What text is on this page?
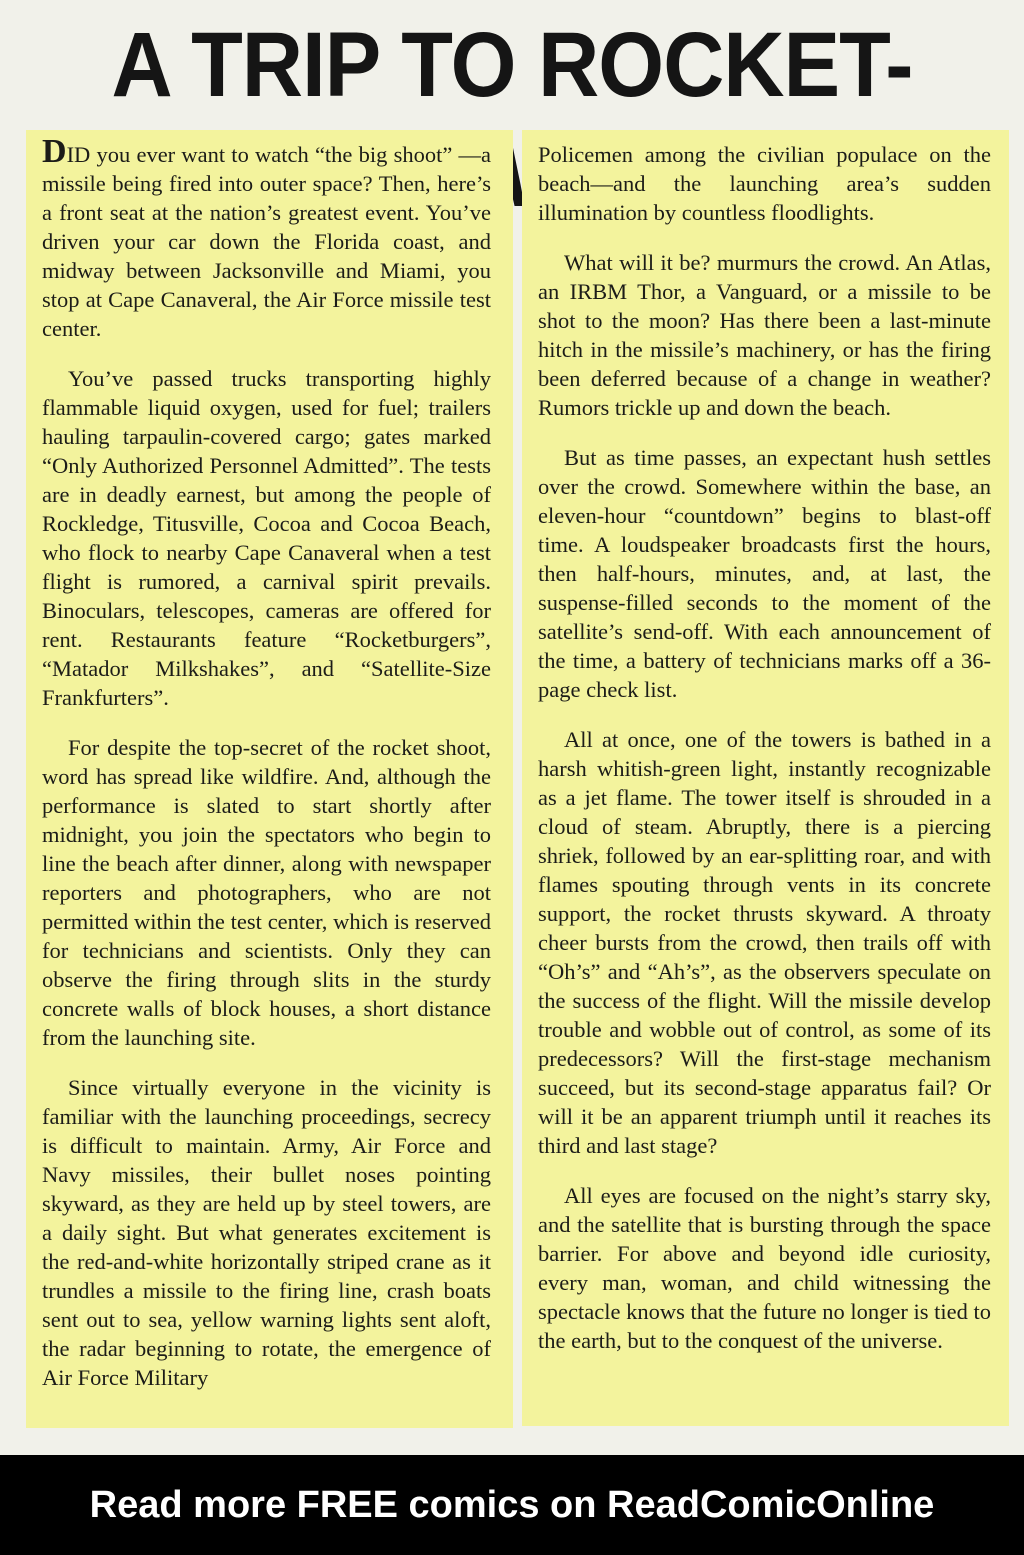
A TRIP TO ROCKET-

DID you ever want to watch “the big shoot” —a missile being fired into outer space? Then, here’s a front seat at the nation’s greatest event. You’ve driven your car down the Florida coast, and midway between Jacksonville and Miami, you stop at Cape Canaveral, the Air Force missile test center.

You’ve passed trucks transporting highly flammable liquid oxygen, used for fuel; trailers hauling tarpaulin-covered cargo; gates marked “Only Authorized Personnel Admitted”. The tests are in deadly earnest, but among the people of Rockledge, Titusville, Cocoa and Cocoa Beach, who flock to nearby Cape Canaveral when a test flight is rumored, a carnival spirit prevails. Binoculars, telescopes, cameras are offered for rent. Restaurants feature “Rocketburgers”, “Matador Milkshakes”, and “Satellite-Size Frankfurters”.

For despite the top-secret of the rocket shoot, word has spread like wildfire. And, although the performance is slated to start shortly after midnight, you join the spectators who begin to line the beach after dinner, along with newspaper reporters and photographers, who are not permitted within the test center, which is reserved for technicians and scientists. Only they can observe the firing through slits in the sturdy concrete walls of block houses, a short distance from the launching site.

Since virtually everyone in the vicinity is familiar with the launching proceedings, secrecy is difficult to maintain. Army, Air Force and Navy missiles, their bullet noses pointing skyward, as they are held up by steel towers, are a daily sight. But what generates excitement is the red-and-white horizontally striped crane as it trundles a missile to the firing line, crash boats sent out to sea, yellow warning lights sent aloft, the radar beginning to rotate, the emergence of Air Force Military

Policemen among the civilian populace on the beach—and the launching area’s sudden illumination by countless floodlights.

What will it be? murmurs the crowd. An Atlas, an IRBM Thor, a Vanguard, or a missile to be shot to the moon? Has there been a last-minute hitch in the missile’s machinery, or has the firing been deferred because of a change in weather? Rumors trickle up and down the beach.

But as time passes, an expectant hush settles over the crowd. Somewhere within the base, an eleven-hour “countdown” begins to blast-off time. A loudspeaker broadcasts first the hours, then half-hours, minutes, and, at last, the suspense-filled seconds to the moment of the satellite’s send-off. With each announcement of the time, a battery of technicians marks off a 36-page check list.

All at once, one of the towers is bathed in a harsh whitish-green light, instantly recognizable as a jet flame. The tower itself is shrouded in a cloud of steam. Abruptly, there is a piercing shriek, followed by an ear-splitting roar, and with flames spouting through vents in its concrete support, the rocket thrusts skyward. A throaty cheer bursts from the crowd, then trails off with “Oh’s” and “Ah’s”, as the observers speculate on the success of the flight. Will the missile develop trouble and wobble out of control, as some of its predecessors? Will the first-stage mechanism succeed, but its second-stage apparatus fail? Or will it be an apparent triumph until it reaches its third and last stage?

All eyes are focused on the night’s starry sky, and the satellite that is bursting through the space barrier. For above and beyond idle curiosity, every man, woman, and child witnessing the spectacle knows that the future no longer is tied to the earth, but to the conquest of the universe.

Read more FREE comics on ReadComicOnline
